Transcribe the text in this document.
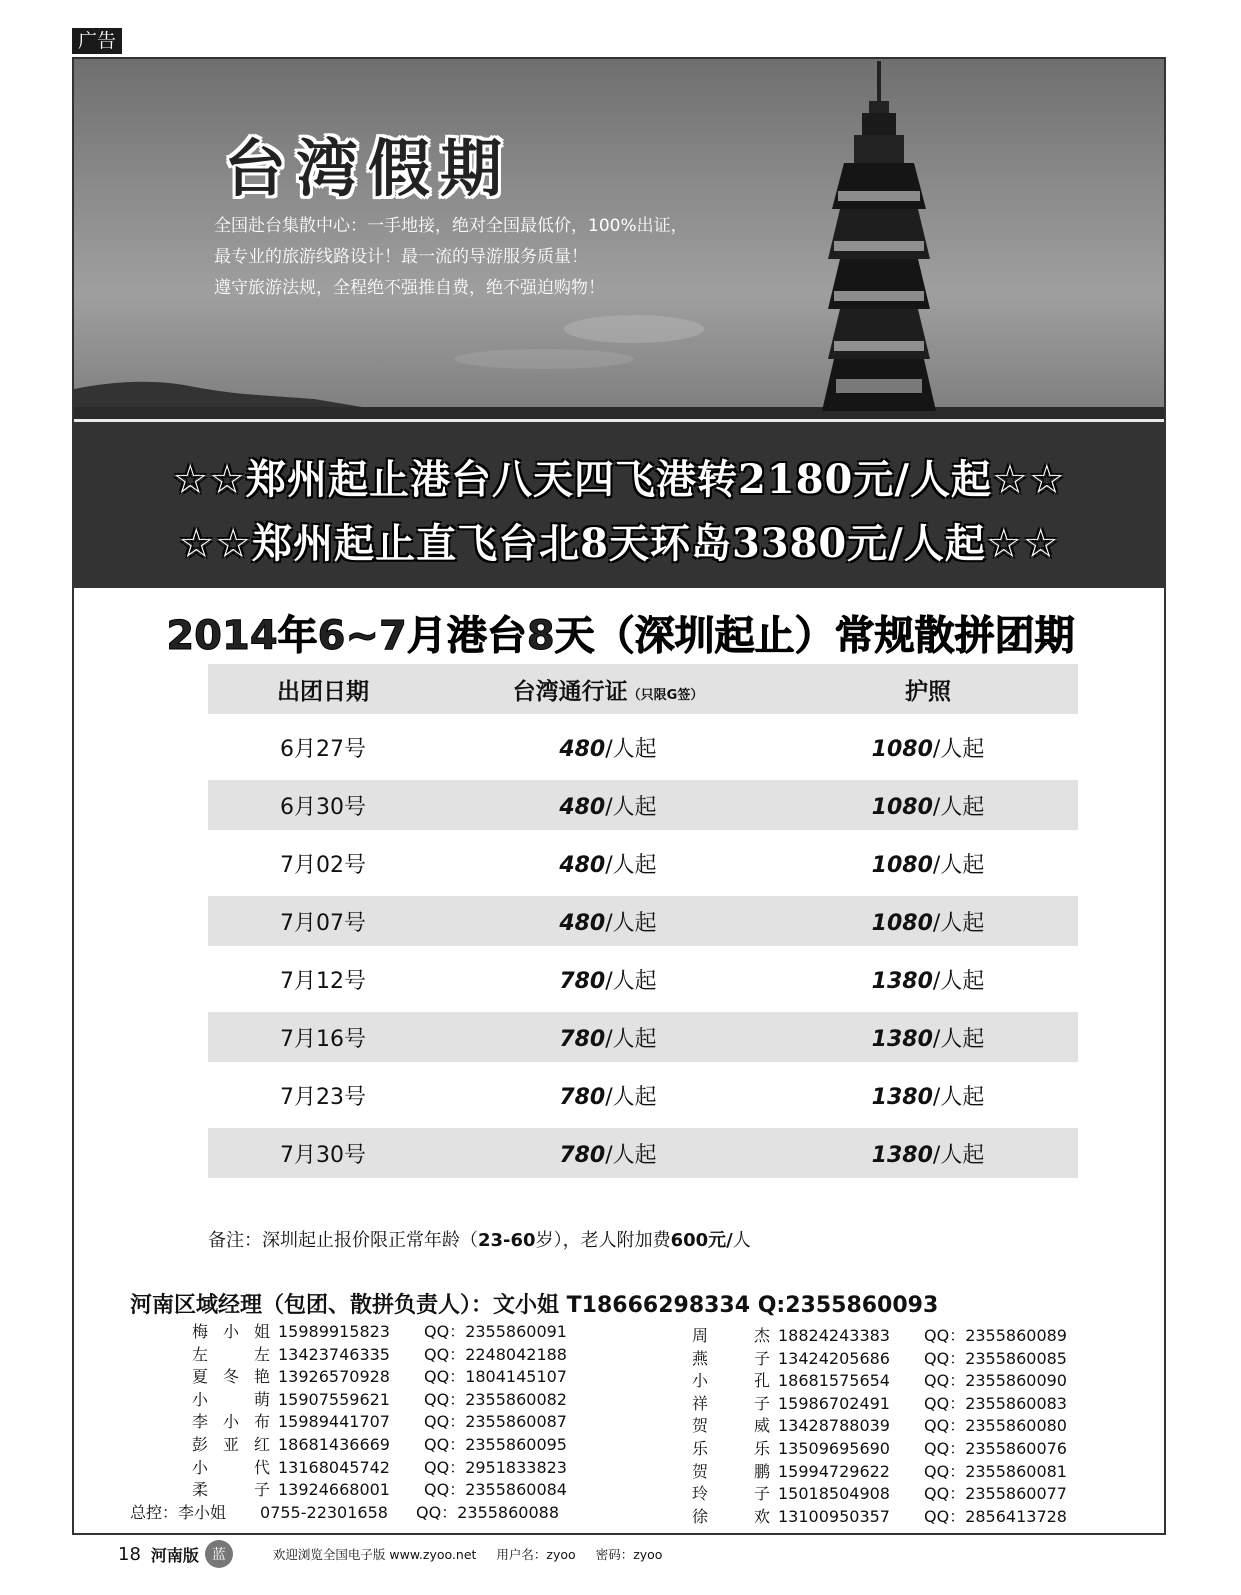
广告
台湾假期
全国赴台集散中心：一手地接，绝对全国最低价，100%出证，
最专业的旅游线路设计！最一流的导游服务质量！
遵守旅游法规，全程绝不强推自费，绝不强迫购物！
☆☆郑州起止港台八天四飞港转2180元/人起☆☆
☆☆郑州起止直飞台北8天环岛3380元/人起☆☆
2014年6~7月港台8天（深圳起止）常规散拼团期
出团日期	台湾通行证（只限G签）	护照

6月27号	480/人起	1080/人起

6月30号	480/人起	1080/人起

7月02号	480/人起	1080/人起

7月07号	480/人起	1080/人起

7月12号	780/人起	1380/人起

7月16号	780/人起	1380/人起

7月23号	780/人起	1380/人起

7月30号	780/人起	1380/人起
备注：深圳起止报价限正常年龄（23-60岁），老人附加费600元/人
河南区域经理（包团、散拼负责人）：文小姐 T18666298334 Q:2355860093
梅小姐 15989915823	QQ：2355860091
左左 13423746335	QQ：2248042188
夏冬艳 13926570928	QQ：1804145107
小萌 15907559621	QQ：2355860082
李小布 15989441707	QQ：2355860087
彭亚红 18681436669	QQ：2355860095
小代 13168045742	QQ：2951833823
柔子 13924668001	QQ：2355860084
周杰 18824243383	QQ：2355860089
燕子 13424205686	QQ：2355860085
小孔 18681575654	QQ：2355860090
祥子 15986702491	QQ：2355860083
贺威 13428788039	QQ：2355860080
乐乐 13509695690	QQ：2355860076
贺鹏 15994729622	QQ：2355860081
玲子 15018504908	QQ：2355860077
徐欢 13100950357	QQ：2856413728
总控：李小姐 0755-22301658 QQ：2355860088
18 河南版 蓝	欢迎浏览全国电子版 www.zyoo.net 用户名：zyoo 密码：zyoo
